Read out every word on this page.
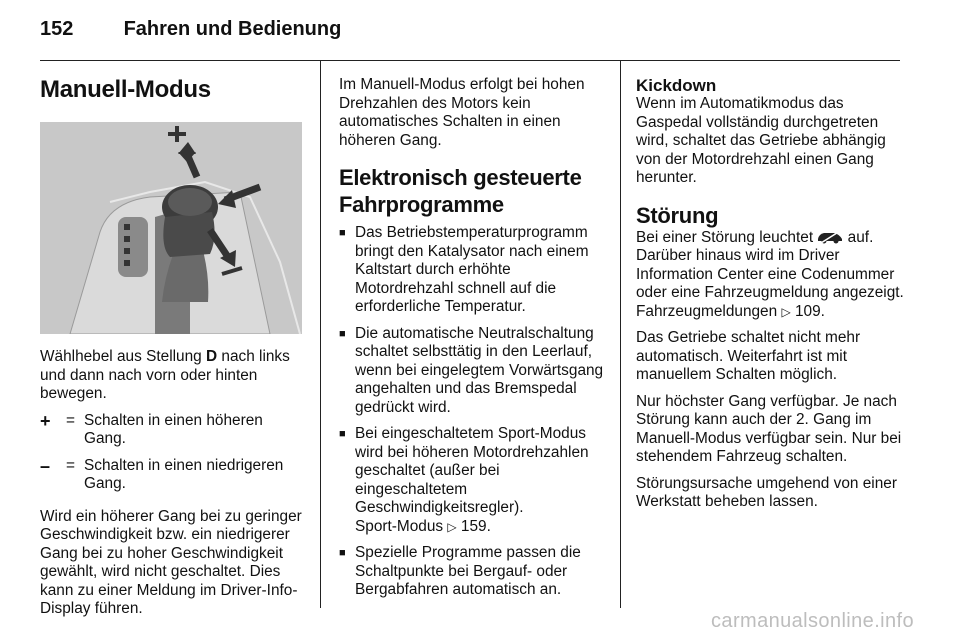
152	Fahren und Bedienung
Manuell-Modus

Wählhebel aus Stellung D nach links und dann nach vorn oder hinten bewegen.

+	= Schalten in einen höheren Gang.
–	= Schalten in einen niedrigeren Gang.

Wird ein höherer Gang bei zu geringer Geschwindigkeit bzw. ein niedrigerer Gang bei zu hoher Geschwindigkeit gewählt, wird nicht geschaltet. Dies kann zu einer Meldung im Driver-Info-Display führen.

Im Manuell-Modus erfolgt bei hohen Drehzahlen des Motors kein automatisches Schalten in einen höheren Gang.

Elektronisch gesteuerte Fahrprogramme
■ Das Betriebstemperaturprogramm bringt den Katalysator nach einem Kaltstart durch erhöhte Motordrehzahl schnell auf die erforderliche Temperatur.
■ Die automatische Neutralschaltung schaltet selbsttätig in den Leerlauf, wenn bei eingelegtem Vorwärtsgang angehalten und das Bremspedal gedrückt wird.
■ Bei eingeschaltetem Sport-Modus wird bei höheren Motordrehzahlen geschaltet (außer bei eingeschaltetem Geschwindigkeitsregler).
Sport-Modus ▷ 159.
■ Spezielle Programme passen die Schaltpunkte bei Bergauf- oder Bergabfahren automatisch an.
Kickdown

Wenn im Automatikmodus das Gaspedal vollständig durchgetreten wird, schaltet das Getriebe abhängig von der Motordrehzahl einen Gang herunter.

Störung

Bei einer Störung leuchtet auf. Darüber hinaus wird im Driver Information Center eine Codenummer oder eine Fahrzeugmeldung angezeigt. Fahrzeugmeldungen ▷ 109.

Das Getriebe schaltet nicht mehr automatisch. Weiterfahrt ist mit manuellem Schalten möglich.

Nur höchster Gang verfügbar. Je nach Störung kann auch der 2. Gang im Manuell-Modus verfügbar sein. Nur bei stehendem Fahrzeug schalten.

Störungsursache umgehend von einer Werkstatt beheben lassen.

carmanualsonline.info
